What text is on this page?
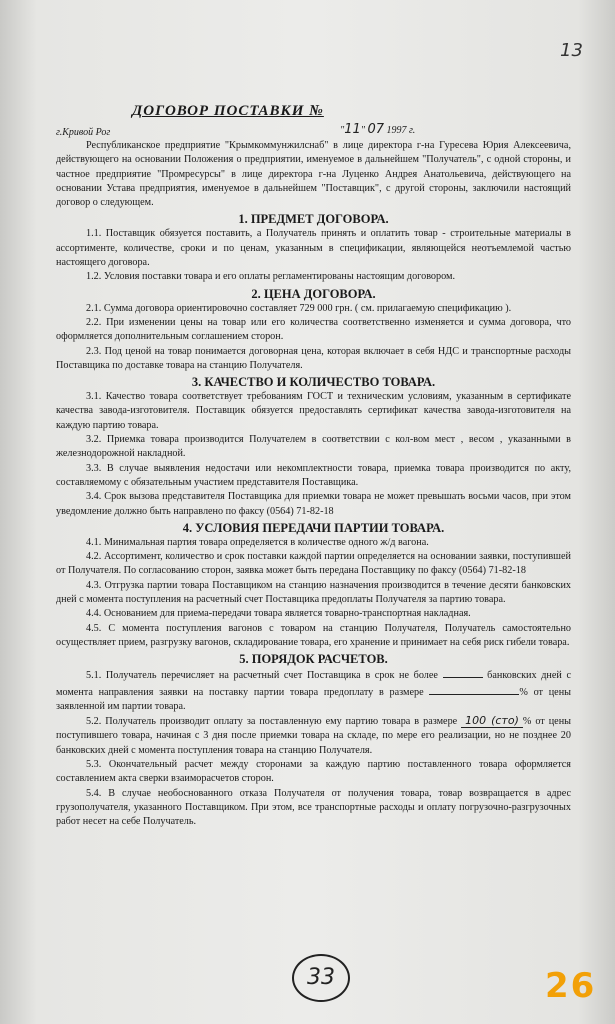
13
ДОГОВОР ПОСТАВКИ №
г.Кривой Рог	"11" 07 1997 г.

Республиканское предприятие "Крымкоммунжилснаб" в лице директора г-на Гуресева Юрия Алексеевича, действующего на основании Положения о предприятии, именуемое в дальнейшем "Получатель", с одной стороны, и частное предприятие "Промресурсы" в лице директора г-на Луценко Андрея Анатольевича, действующего на основании Устава предприятия, именуемое в дальнейшем "Поставщик", с другой стороны, заключили настоящий договор о следующем.

1. ПРЕДМЕТ ДОГОВОРА.

1.1. Поставщик обязуется поставить, а Получатель принять и оплатить товар - строительные материалы в ассортименте, количестве, сроки и по ценам, указанным в спецификации, являющейся неотъемлемой частью настоящего договора.

1.2. Условия поставки товара и его оплаты регламентированы настоящим договором.

2. ЦЕНА ДОГОВОРА.

2.1. Сумма договора ориентировочно составляет 729 000 грн. ( см. прилагаемую спецификацию ).

2.2. При изменении цены на товар или его количества соответственно изменяется и сумма договора, что оформляется дополнительным соглашением сторон.

2.3. Под ценой на товар понимается договорная цена, которая включает в себя НДС и транспортные расходы Поставщика по доставке товара на станцию Получателя.

3. КАЧЕСТВО И КОЛИЧЕСТВО ТОВАРА.

3.1. Качество товара соответствует требованиям ГОСТ и техническим условиям, указанным в сертификате качества завода-изготовителя. Поставщик обязуется предоставлять сертификат качества завода-изготовителя на каждую партию товара.

3.2. Приемка товара производится Получателем в соответствии с кол-вом мест , весом , указанными в железнодорожной накладной.

3.3. В случае выявления недостачи или некомплектности товара, приемка товара производится по акту, составляемому с обязательным участием представителя Поставщика.

3.4. Срок вызова представителя Поставщика для приемки товара не может превышать восьми часов, при этом уведомление должно быть направлено по факсу (0564) 71-82-18

4. УСЛОВИЯ ПЕРЕДАЧИ ПАРТИИ ТОВАРА.

4.1. Минимальная партия товара определяется в количестве одного ж/д вагона.

4.2. Ассортимент, количество и срок поставки каждой партии определяется на основании заявки, поступившей от Получателя. По согласованию сторон, заявка может быть передана Поставщику по факсу (0564) 71-82-18

4.3. Отгрузка партии товара Поставщиком на станцию назначения производится в течение десяти банковских дней с момента поступления на расчетный счет Поставщика предоплаты Получателя за партию товара.

4.4. Основанием для приема-передачи товара является товарно-транспортная накладная.

4.5. С момента поступления вагонов с товаром на станцию Получателя, Получатель самостоятельно осуществляет прием, разгрузку вагонов, складирование товара, его хранение и принимает на себя риск гибели товара.

5. ПОРЯДОК РАСЧЕТОВ.

5.1. Получатель перечисляет на расчетный счет Поставщика в срок не более	банковских дней с момента направления заявки на поставку партии товара предоплату в размере	% от цены заявленной им партии товара.

5.2. Получатель производит оплату за поставленную ему партию товара в размере 100 (сто) % от цены поступившего товара, начиная с 3 дня после приемки товара на складе, по мере его реализации, но не позднее 20 банковских дней с момента поступления товара на станцию Получателя.

5.3. Окончательный расчет между сторонами за каждую партию поставленного товара оформляется составлением акта сверки взаиморасчетов сторон.

5.4. В случае необоснованного отказа Получателя от получения товара, товар возвращается в адрес грузополучателя, указанного Поставщиком. При этом, все транспортные расходы и оплату погрузочно-разгрузочных работ несет на себе Получатель.

33	26
